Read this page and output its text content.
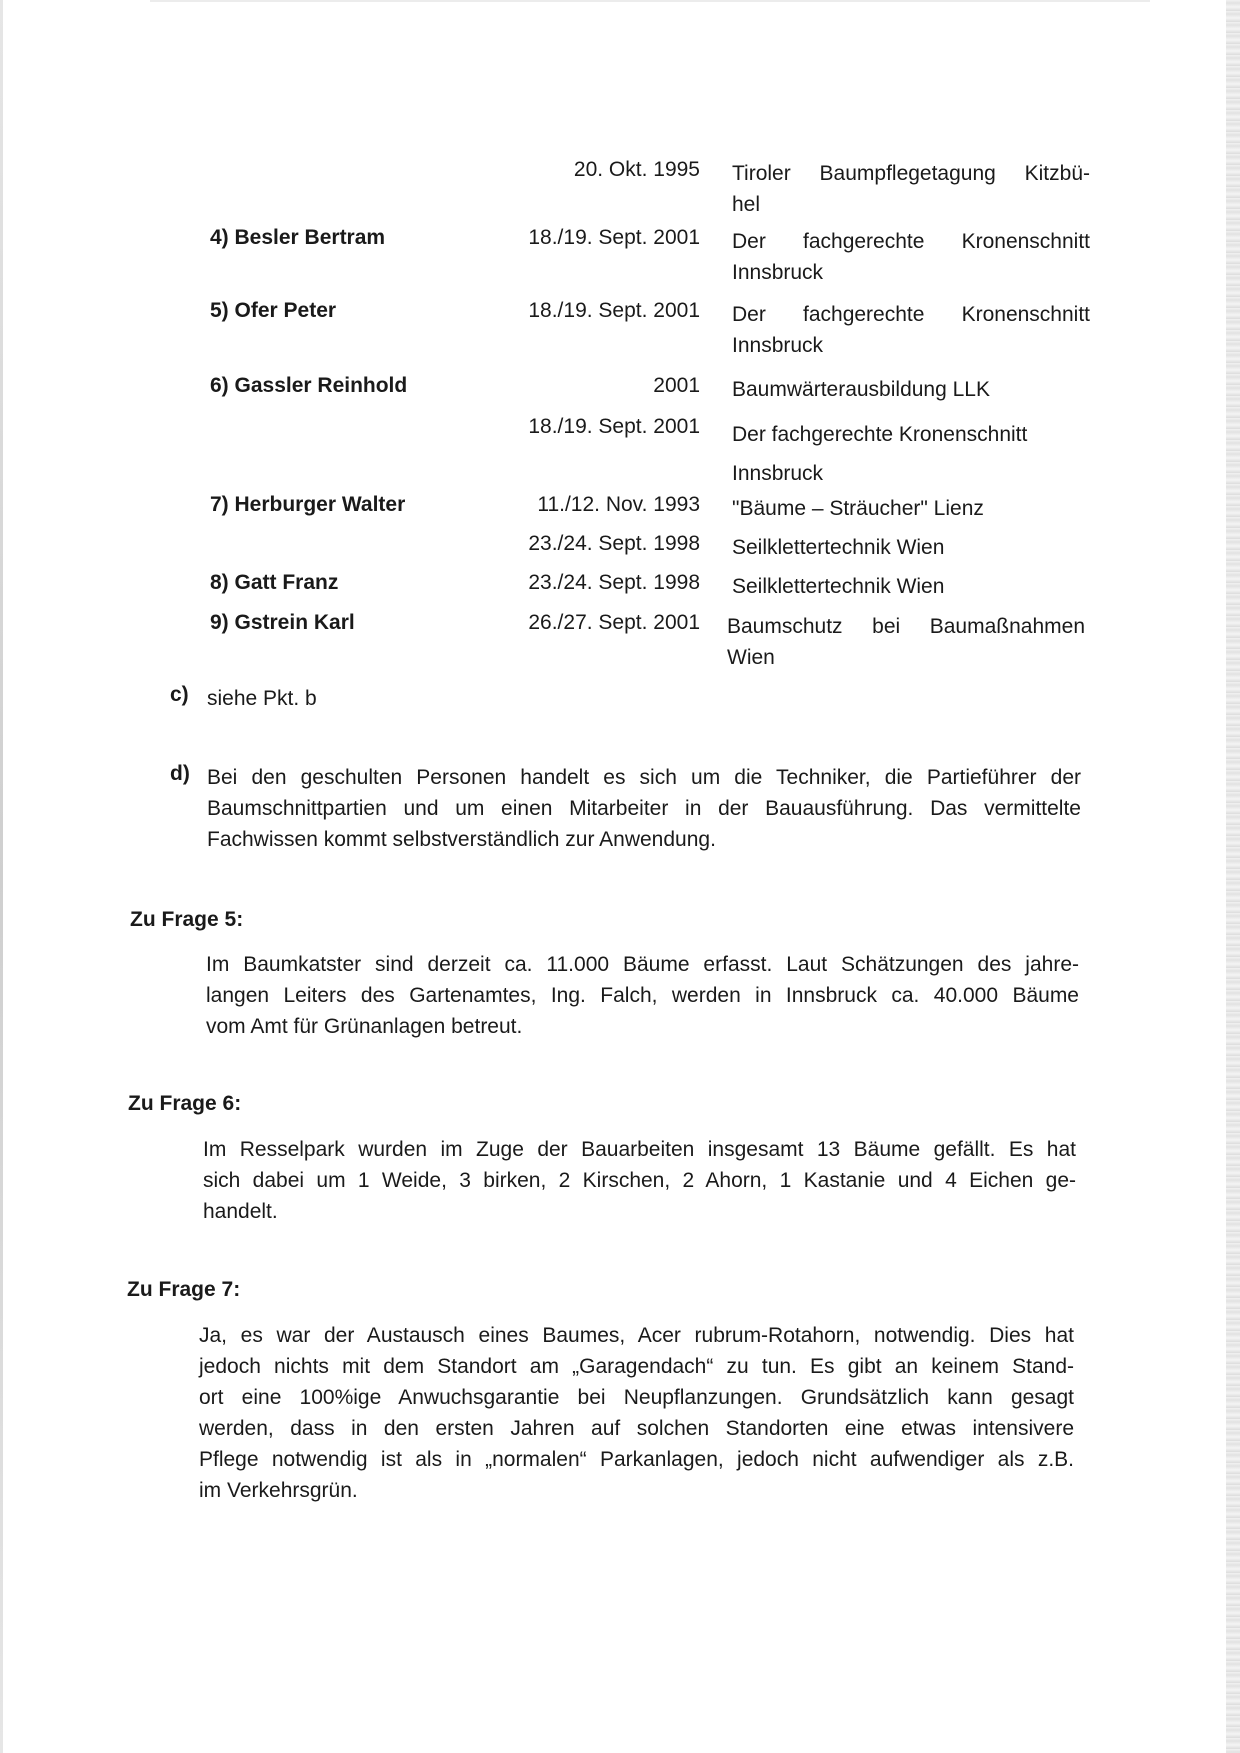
20. Okt. 1995 Tiroler Baumpflegetagung Kitzbü-
hel
4) Besler Bertram	18./19. Sept. 2001 Der fachgerechte Kronenschnitt
Innsbruck
5) Ofer Peter	18./19. Sept. 2001 Der fachgerechte Kronenschnitt
Innsbruck
6) Gassler Reinhold	2001 Baumwärterausbildung LLK
18./19. Sept. 2001 Der fachgerechte Kronenschnitt
Innsbruck
7) Herburger Walter	11./12. Nov. 1993 "Bäume – Sträucher" Lienz
23./24. Sept. 1998 Seilklettertechnik Wien
8) Gatt Franz	23./24. Sept. 1998 Seilklettertechnik Wien
9) Gstrein Karl	26./27. Sept. 2001 Baumschutz bei Baumaßnahmen
Wien
c) siehe Pkt. b
d) Bei den geschulten Personen handelt es sich um die Techniker, die Partieführer der
Baumschnittpartien und um einen Mitarbeiter in der Bauausführung. Das vermittelte
Fachwissen kommt selbstverständlich zur Anwendung.
Zu Frage 5:
Im Baumkatster sind derzeit ca. 11.000 Bäume erfasst. Laut Schätzungen des jahre-
langen Leiters des Gartenamtes, Ing. Falch, werden in Innsbruck ca. 40.000 Bäume
vom Amt für Grünanlagen betreut.
Zu Frage 6:
Im Resselpark wurden im Zuge der Bauarbeiten insgesamt 13 Bäume gefällt. Es hat
sich dabei um 1 Weide, 3 birken, 2 Kirschen, 2 Ahorn, 1 Kastanie und 4 Eichen ge-
handelt.
Zu Frage 7:
Ja, es war der Austausch eines Baumes, Acer rubrum-Rotahorn, notwendig. Dies hat
jedoch nichts mit dem Standort am „Garagendach“ zu tun. Es gibt an keinem Stand-
ort eine 100%ige Anwuchsgarantie bei Neupflanzungen. Grundsätzlich kann gesagt
werden, dass in den ersten Jahren auf solchen Standorten eine etwas intensivere
Pflege notwendig ist als in „normalen“ Parkanlagen, jedoch nicht aufwendiger als z.B.
im Verkehrsgrün.
